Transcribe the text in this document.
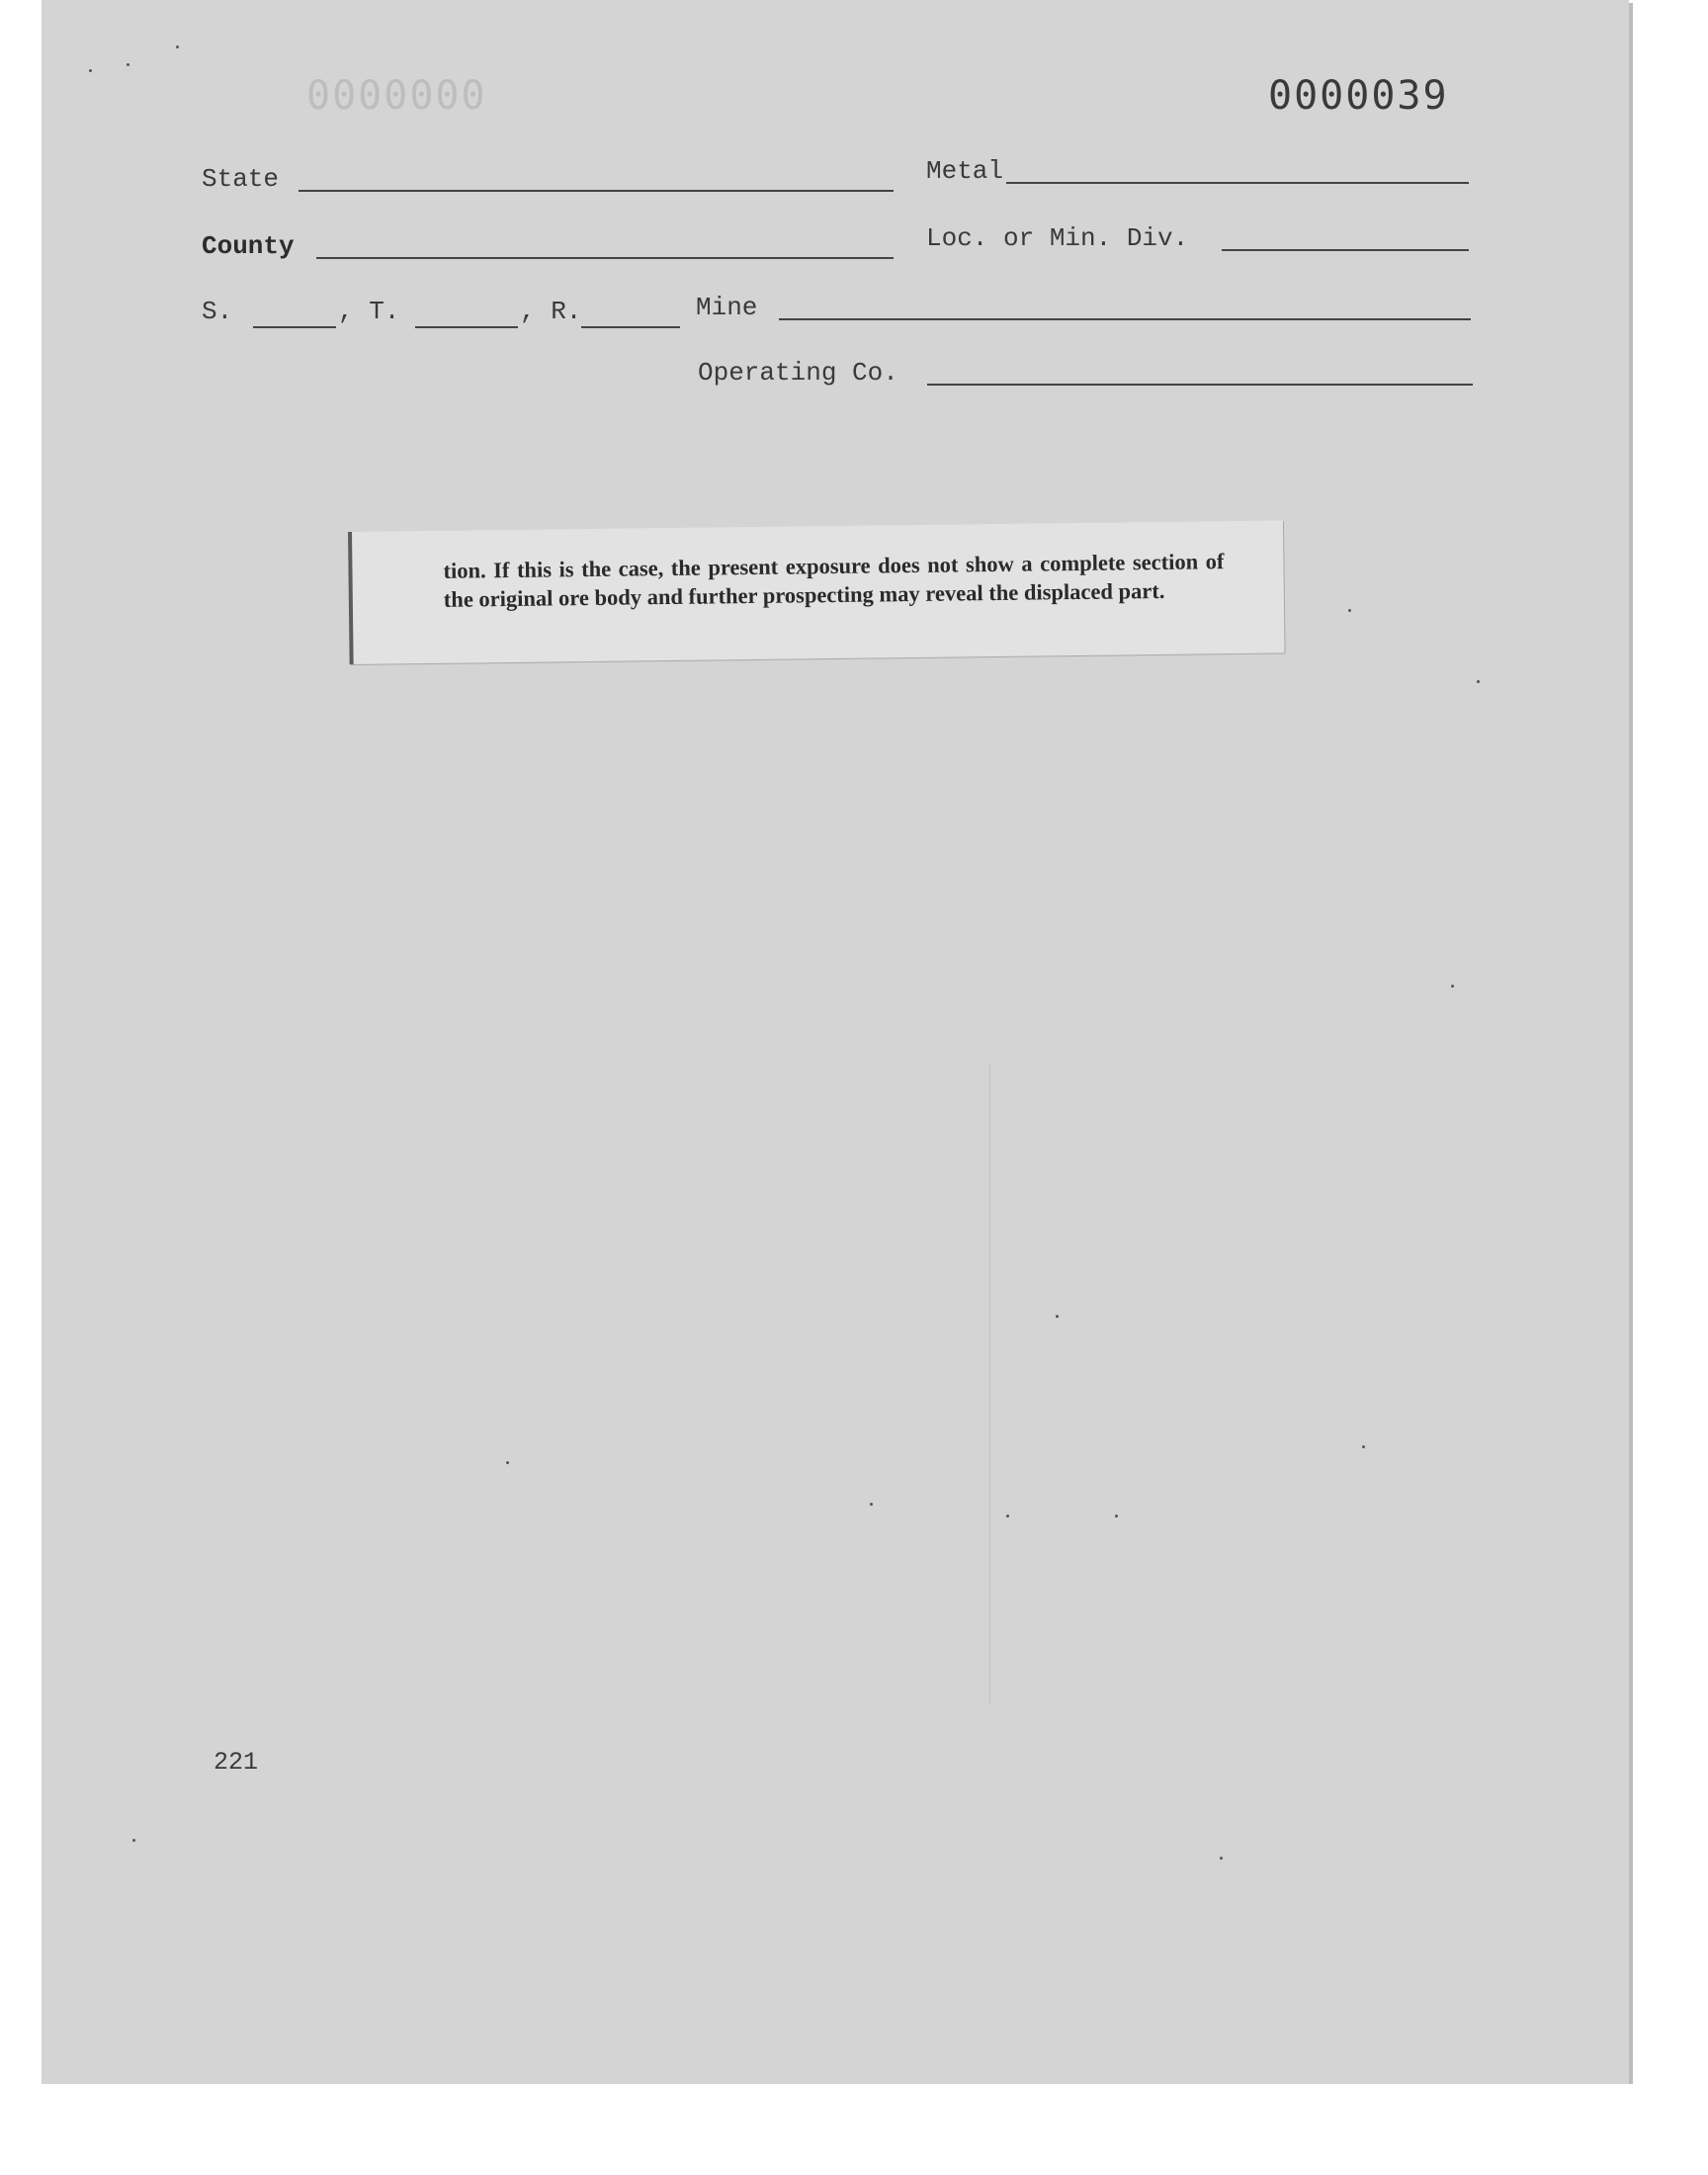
0000000	0000039
State	Metal
County	Loc. or Min. Div.
S.	, T.	, R.	Mine
Operating Co.
tion. If this is the case, the present exposure does not show a complete section of the original ore body and further prospecting may reveal the displaced part.
221
